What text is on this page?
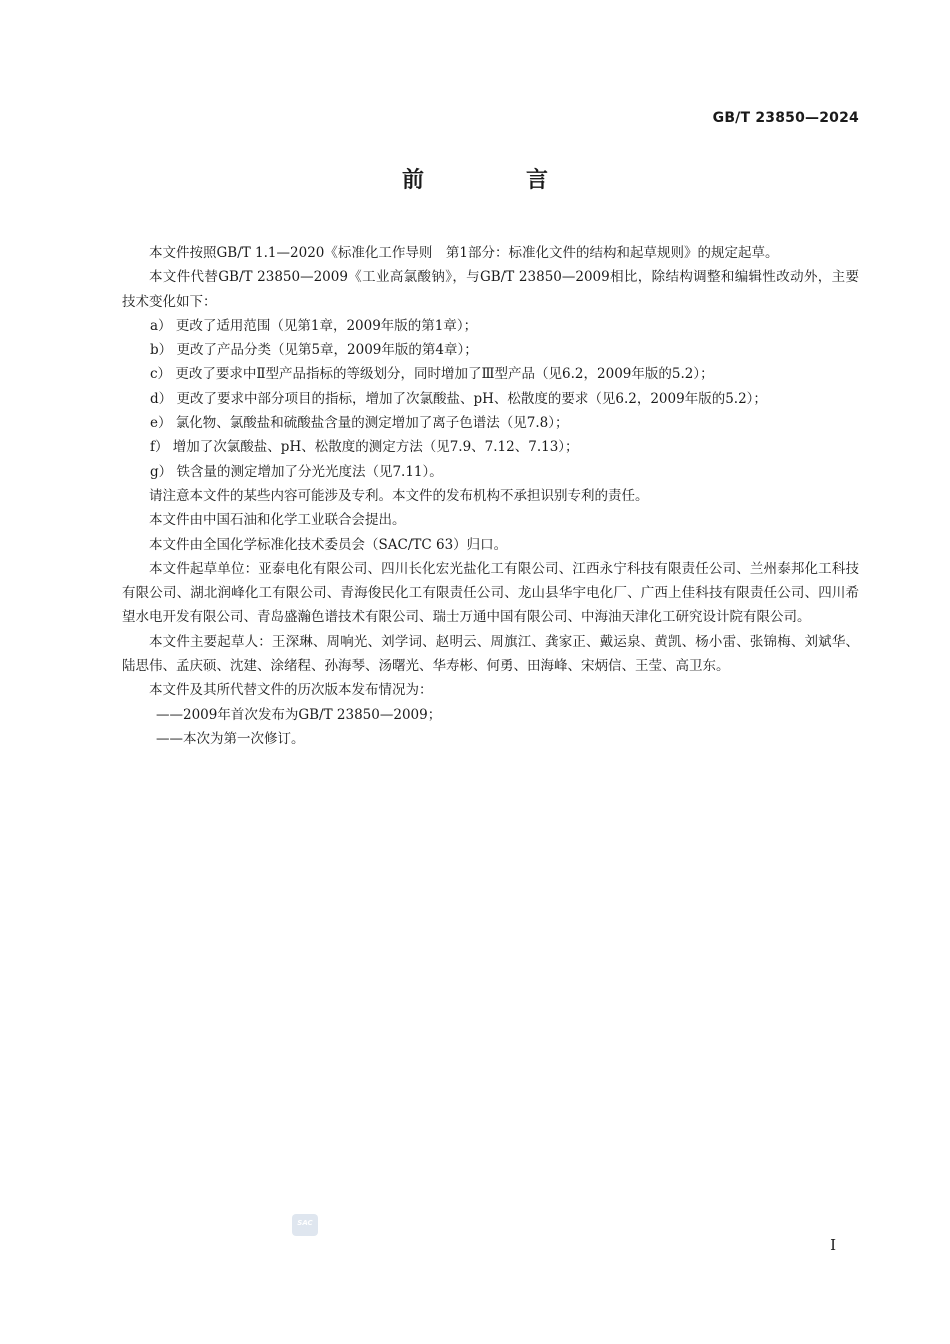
GB/T 23850—2024
前　言

本文件按照GB/T 1.1—2020《标准化工作导则　第1部分：标准化文件的结构和起草规则》的规定起草。

本文件代替GB/T 23850—2009《工业高氯酸钠》，与GB/T 23850—2009相比，除结构调整和编辑性改动外，主要技术变化如下：

a） 更改了适用范围（见第1章，2009年版的第1章）；

b） 更改了产品分类（见第5章，2009年版的第4章）；

c） 更改了要求中Ⅱ型产品指标的等级划分，同时增加了Ⅲ型产品（见6.2，2009年版的5.2）；

d） 更改了要求中部分项目的指标，增加了次氯酸盐、pH、松散度的要求（见6.2，2009年版的5.2）；

e） 氯化物、氯酸盐和硫酸盐含量的测定增加了离子色谱法（见7.8）；

f） 增加了次氯酸盐、pH、松散度的测定方法（见7.9、7.12、7.13）；

g） 铁含量的测定增加了分光光度法（见7.11）。

请注意本文件的某些内容可能涉及专利。本文件的发布机构不承担识别专利的责任。

本文件由中国石油和化学工业联合会提出。

本文件由全国化学标准化技术委员会（SAC/TC 63）归口。

本文件起草单位：亚泰电化有限公司、四川长化宏光盐化工有限公司、江西永宁科技有限责任公司、兰州泰邦化工科技有限公司、湖北润峰化工有限公司、青海俊民化工有限责任公司、龙山县华宇电化厂、广西上佳科技有限责任公司、四川希望水电开发有限公司、青岛盛瀚色谱技术有限公司、瑞士万通中国有限公司、中海油天津化工研究设计院有限公司。

本文件主要起草人：王深琳、周响光、刘学词、赵明云、周旗江、龚家正、戴运泉、黄凯、杨小雷、张锦梅、刘斌华、陆思伟、孟庆硕、沈建、涂绪程、孙海琴、汤曙光、华寿彬、何勇、田海峰、宋炳信、王莹、高卫东。

本文件及其所代替文件的历次版本发布情况为：

——2009年首次发布为GB/T 23850—2009；

——本次为第一次修订。

SAC
Ⅰ
